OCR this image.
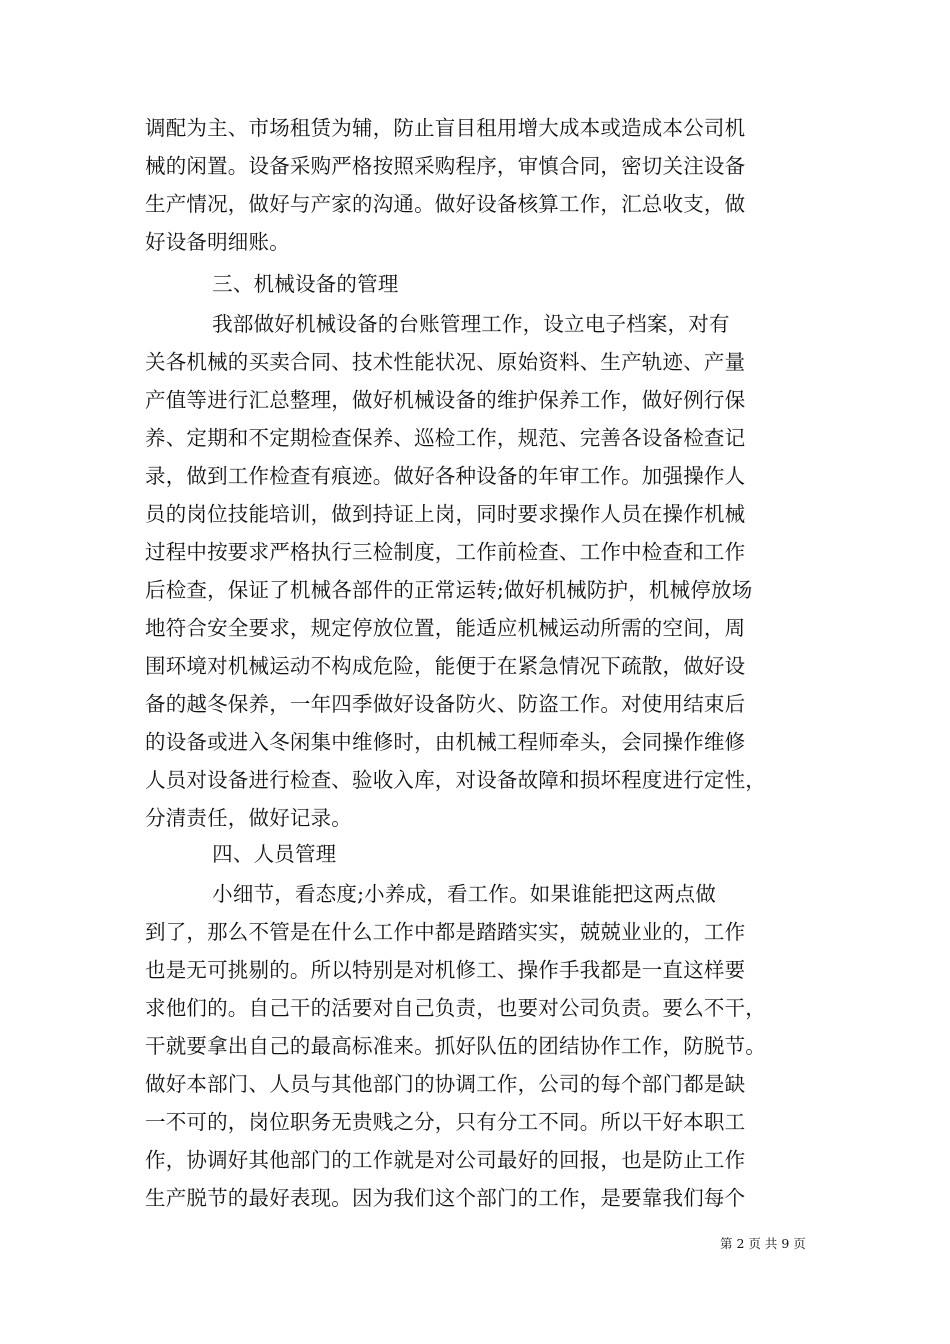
调配为主、市场租赁为辅，防止盲目租用增大成本或造成本公司机
械的闲置。设备采购严格按照采购程序，审慎合同，密切关注设备
生产情况，做好与产家的沟通。做好设备核算工作，汇总收支，做
好设备明细账。
三、机械设备的管理
我部做好机械设备的台账管理工作，设立电子档案，对有
关各机械的买卖合同、技术性能状况、原始资料、生产轨迹、产量
产值等进行汇总整理，做好机械设备的维护保养工作，做好例行保
养、定期和不定期检查保养、巡检工作，规范、完善各设备检查记
录，做到工作检查有痕迹。做好各种设备的年审工作。加强操作人
员的岗位技能培训，做到持证上岗，同时要求操作人员在操作机械
过程中按要求严格执行三检制度，工作前检查、工作中检查和工作
后检查，保证了机械各部件的正常运转;做好机械防护，机械停放场
地符合安全要求，规定停放位置，能适应机械运动所需的空间，周
围环境对机械运动不构成危险，能便于在紧急情况下疏散，做好设
备的越冬保养，一年四季做好设备防火、防盗工作。对使用结束后
的设备或进入冬闲集中维修时，由机械工程师牵头，会同操作维修
人员对设备进行检查、验收入库，对设备故障和损坏程度进行定性，
分清责任，做好记录。
四、人员管理
小细节，看态度;小养成，看工作。如果谁能把这两点做
到了，那么不管是在什么工作中都是踏踏实实，兢兢业业的，工作
也是无可挑剔的。所以特别是对机修工、操作手我都是一直这样要
求他们的。自己干的活要对自己负责，也要对公司负责。要么不干，
干就要拿出自己的最高标准来。抓好队伍的团结协作工作，防脱节。
做好本部门、人员与其他部门的协调工作，公司的每个部门都是缺
一不可的，岗位职务无贵贱之分，只有分工不同。所以干好本职工
作，协调好其他部门的工作就是对公司最好的回报，也是防止工作
生产脱节的最好表现。因为我们这个部门的工作，是要靠我们每个
第 2 页 共 9 页
